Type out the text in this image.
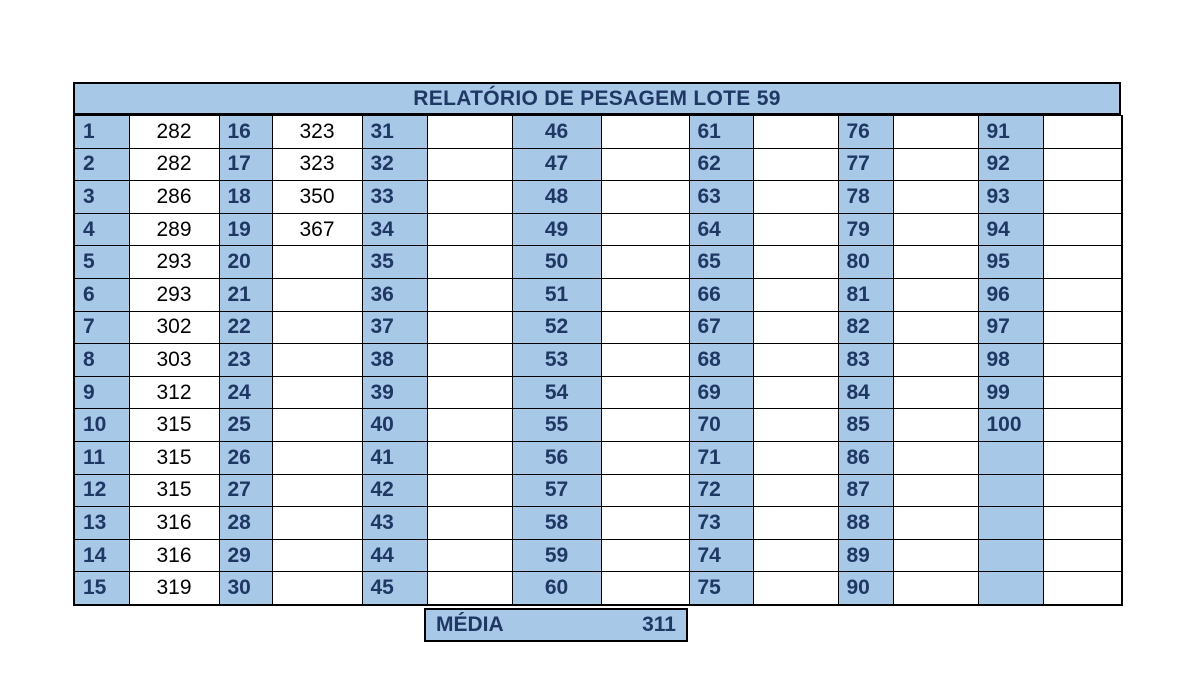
RELATÓRIO DE PESAGEM LOTE 59
1	282	16	323	31		46		61		76		91	
2	282	17	323	32		47		62		77		92	
3	286	18	350	33		48		63		78		93	
4	289	19	367	34		49		64		79		94	
5	293	20		35		50		65		80		95	
6	293	21		36		51		66		81		96	
7	302	22		37		52		67		82		97	
8	303	23		38		53		68		83		98	
9	312	24		39		54		69		84		99	
10	315	25		40		55		70		85		100	
11	315	26		41		56		71		86			
12	315	27		42		57		72		87			
13	316	28		43		58		73		88			
14	316	29		44		59		74		89			
15	319	30		45		60		75		90			
MÉDIA	311
